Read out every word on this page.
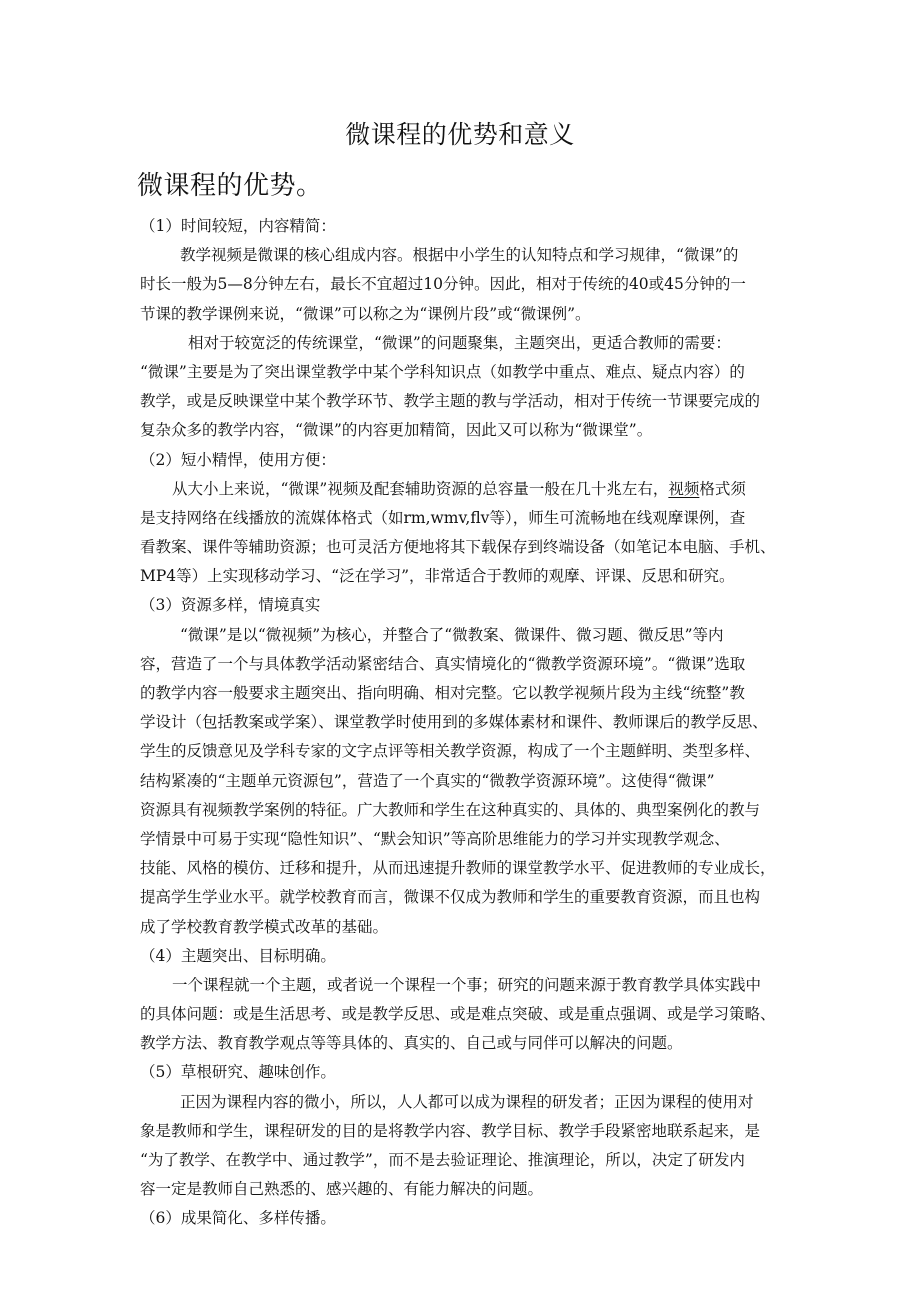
微课程的优势和意义
微课程的优势。
（1）时间较短，内容精简：
教学视频是微课的核心组成内容。根据中小学生的认知特点和学习规律，“微课”的
时长一般为5—8分钟左右，最长不宜超过10分钟。因此，相对于传统的40或45分钟的一
节课的教学课例来说，“微课”可以称之为“课例片段”或“微课例”。
相对于较宽泛的传统课堂，“微课”的问题聚集，主题突出，更适合教师的需要：
“微课”主要是为了突出课堂教学中某个学科知识点（如教学中重点、难点、疑点内容）的
教学，或是反映课堂中某个教学环节、教学主题的教与学活动，相对于传统一节课要完成的
复杂众多的教学内容，“微课”的内容更加精简，因此又可以称为“微课堂”。
（2）短小精悍，使用方便：
从大小上来说，“微课”视频及配套辅助资源的总容量一般在几十兆左右，视频格式须
是支持网络在线播放的流媒体格式（如rm,wmv,flv等），师生可流畅地在线观摩课例，查
看教案、课件等辅助资源；也可灵活方便地将其下载保存到终端设备（如笔记本电脑、手机、
MP4等）上实现移动学习、“泛在学习”，非常适合于教师的观摩、评课、反思和研究。
（3）资源多样，情境真实
“微课”是以“微视频”为核心，并整合了“微教案、微课件、微习题、微反思”等内
容，营造了一个与具体教学活动紧密结合、真实情境化的“微教学资源环境”。“微课”选取
的教学内容一般要求主题突出、指向明确、相对完整。它以教学视频片段为主线“统整”教
学设计（包括教案或学案）、课堂教学时使用到的多媒体素材和课件、教师课后的教学反思、
学生的反馈意见及学科专家的文字点评等相关教学资源，构成了一个主题鲜明、类型多样、
结构紧凑的“主题单元资源包”，营造了一个真实的“微教学资源环境”。这使得“微课”
资源具有视频教学案例的特征。广大教师和学生在这种真实的、具体的、典型案例化的教与
学情景中可易于实现“隐性知识”、“默会知识”等高阶思维能力的学习并实现教学观念、
技能、风格的模仿、迁移和提升，从而迅速提升教师的课堂教学水平、促进教师的专业成长，
提高学生学业水平。就学校教育而言，微课不仅成为教师和学生的重要教育资源，而且也构
成了学校教育教学模式改革的基础。
（4）主题突出、目标明确。
一个课程就一个主题，或者说一个课程一个事；研究的问题来源于教育教学具体实践中
的具体问题：或是生活思考、或是教学反思、或是难点突破、或是重点强调、或是学习策略、
教学方法、教育教学观点等等具体的、真实的、自己或与同伴可以解决的问题。
（5）草根研究、趣味创作。
正因为课程内容的微小，所以，人人都可以成为课程的研发者；正因为课程的使用对
象是教师和学生，课程研发的目的是将教学内容、教学目标、教学手段紧密地联系起来，是
“为了教学、在教学中、通过教学”，而不是去验证理论、推演理论，所以，决定了研发内
容一定是教师自己熟悉的、感兴趣的、有能力解决的问题。
（6）成果简化、多样传播。
